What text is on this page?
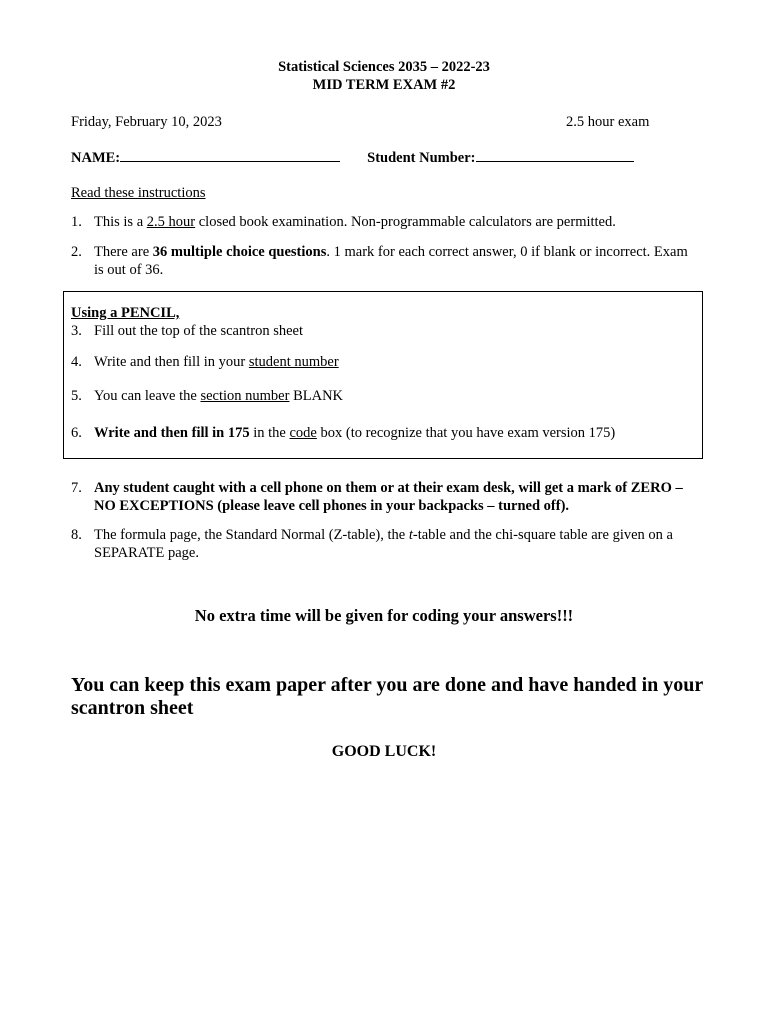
Statistical Sciences 2035 – 2022-23
MID TERM EXAM #2
Friday, February 10, 2023	2.5 hour exam
NAME:	Student Number:
Read these instructions
1. This is a 2.5 hour closed book examination. Non-programmable calculators are permitted.
2. There are 36 multiple choice questions. 1 mark for each correct answer, 0 if blank or incorrect. Exam is out of 36.
Using a PENCIL,
3. Fill out the top of the scantron sheet
4. Write and then fill in your student number
5. You can leave the section number BLANK
6. Write and then fill in 175 in the code box (to recognize that you have exam version 175)
7. Any student caught with a cell phone on them or at their exam desk, will get a mark of ZERO – NO EXCEPTIONS (please leave cell phones in your backpacks – turned off).
8. The formula page, the Standard Normal (Z-table), the t-table and the chi-square table are given on a SEPARATE page.
No extra time will be given for coding your answers!!!
You can keep this exam paper after you are done and have handed in your scantron sheet
GOOD LUCK!
